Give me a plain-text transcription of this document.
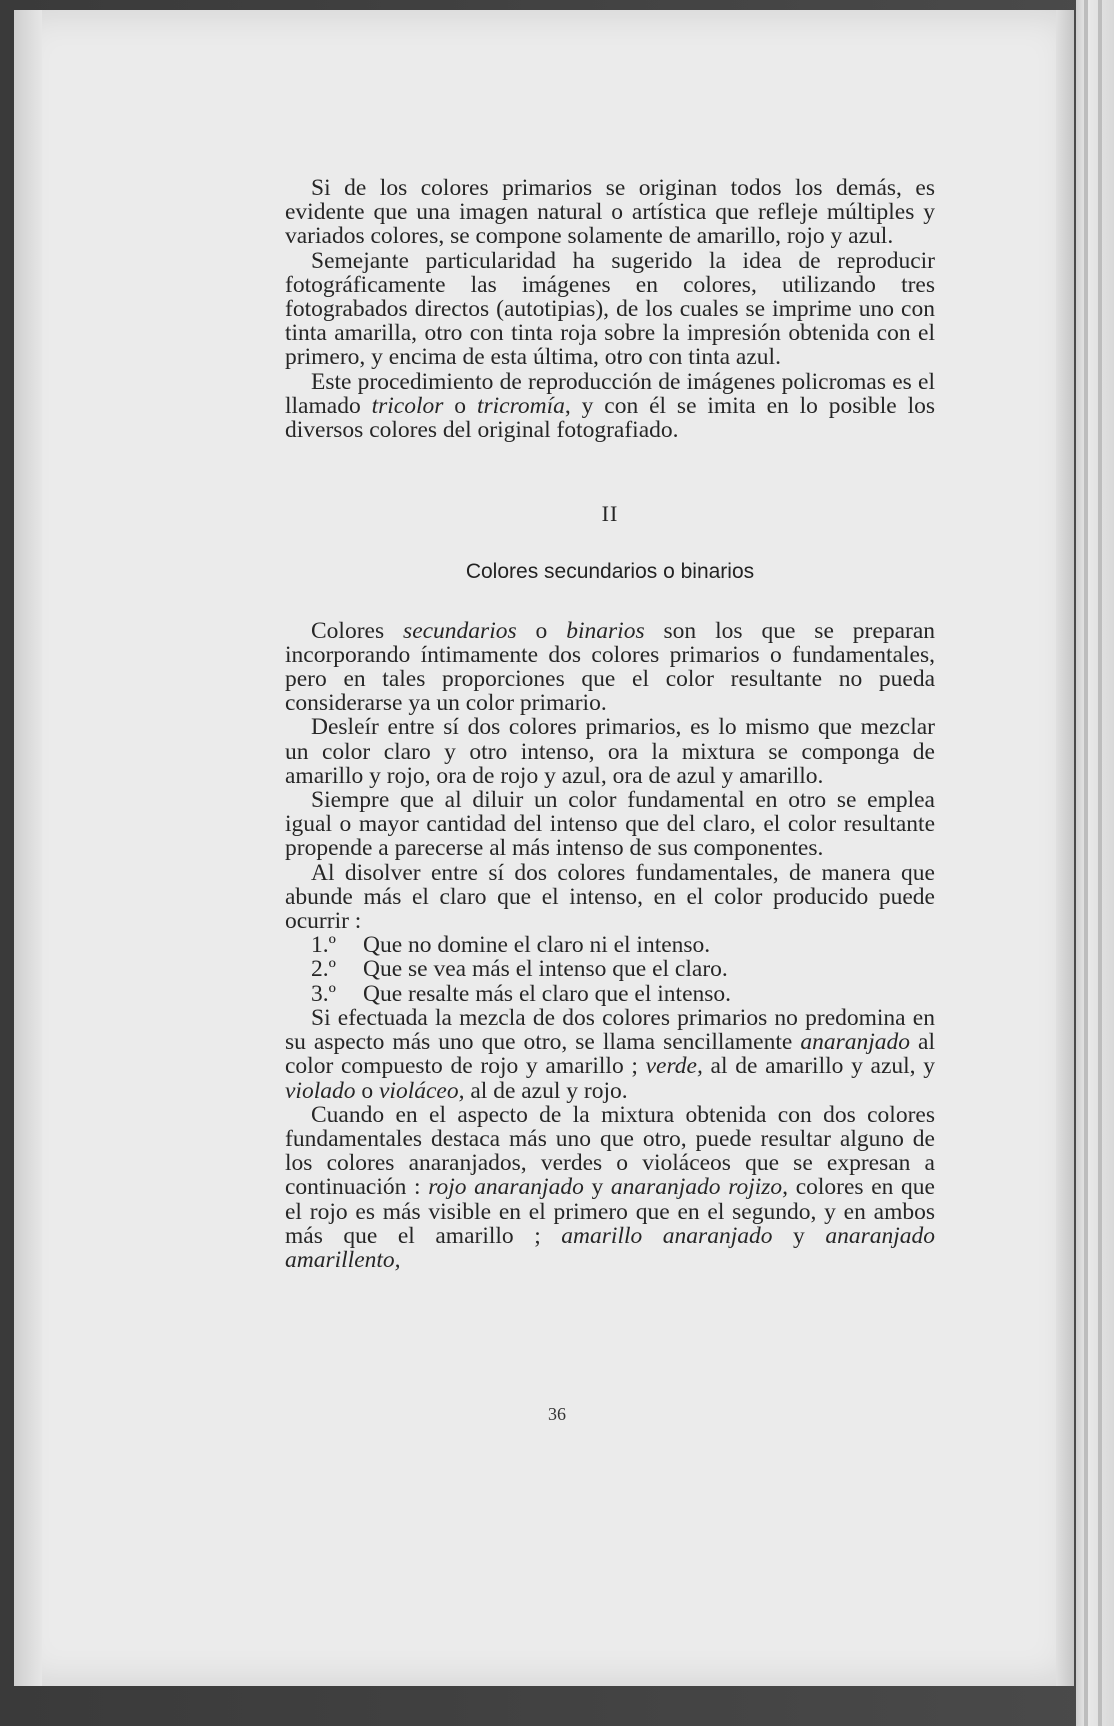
Si de los colores primarios se originan todos los demás, es evidente que una imagen natural o artística que refleje múltiples y variados colores, se compone solamente de amarillo, rojo y azul.

Semejante particularidad ha sugerido la idea de reproducir fotográficamente las imágenes en colores, utilizando tres fotograbados directos (autotipias), de los cuales se imprime uno con tinta amarilla, otro con tinta roja sobre la impresión obtenida con el primero, y encima de esta última, otro con tinta azul.

Este procedimiento de reproducción de imágenes policromas es el llamado tricolor o tricromía, y con él se imita en lo posible los diversos colores del original fotografiado.

II
Colores secundarios o binarios

Colores secundarios o binarios son los que se preparan incorporando íntimamente dos colores primarios o fundamentales, pero en tales proporciones que el color resultante no pueda considerarse ya un color primario.

Desleír entre sí dos colores primarios, es lo mismo que mezclar un color claro y otro intenso, ora la mixtura se componga de amarillo y rojo, ora de rojo y azul, ora de azul y amarillo.

Siempre que al diluir un color fundamental en otro se emplea igual o mayor cantidad del intenso que del claro, el color resultante propende a parecerse al más intenso de sus componentes.

Al disolver entre sí dos colores fundamentales, de manera que abunde más el claro que el intenso, en el color producido puede ocurrir :

1.º Que no domine el claro ni el intenso.

2.º Que se vea más el intenso que el claro.

3.º Que resalte más el claro que el intenso.

Si efectuada la mezcla de dos colores primarios no predomina en su aspecto más uno que otro, se llama sencillamente anaranjado al color compuesto de rojo y amarillo ; verde, al de amarillo y azul, y violado o violáceo, al de azul y rojo.

Cuando en el aspecto de la mixtura obtenida con dos colores fundamentales destaca más uno que otro, puede resultar alguno de los colores anaranjados, verdes o violáceos que se expresan a continuación : rojo anaranjado y anaranjado rojizo, colores en que el rojo es más visible en el primero que en el segundo, y en ambos más que el amarillo ; amarillo anaranjado y anaranjado amarillento,

36
